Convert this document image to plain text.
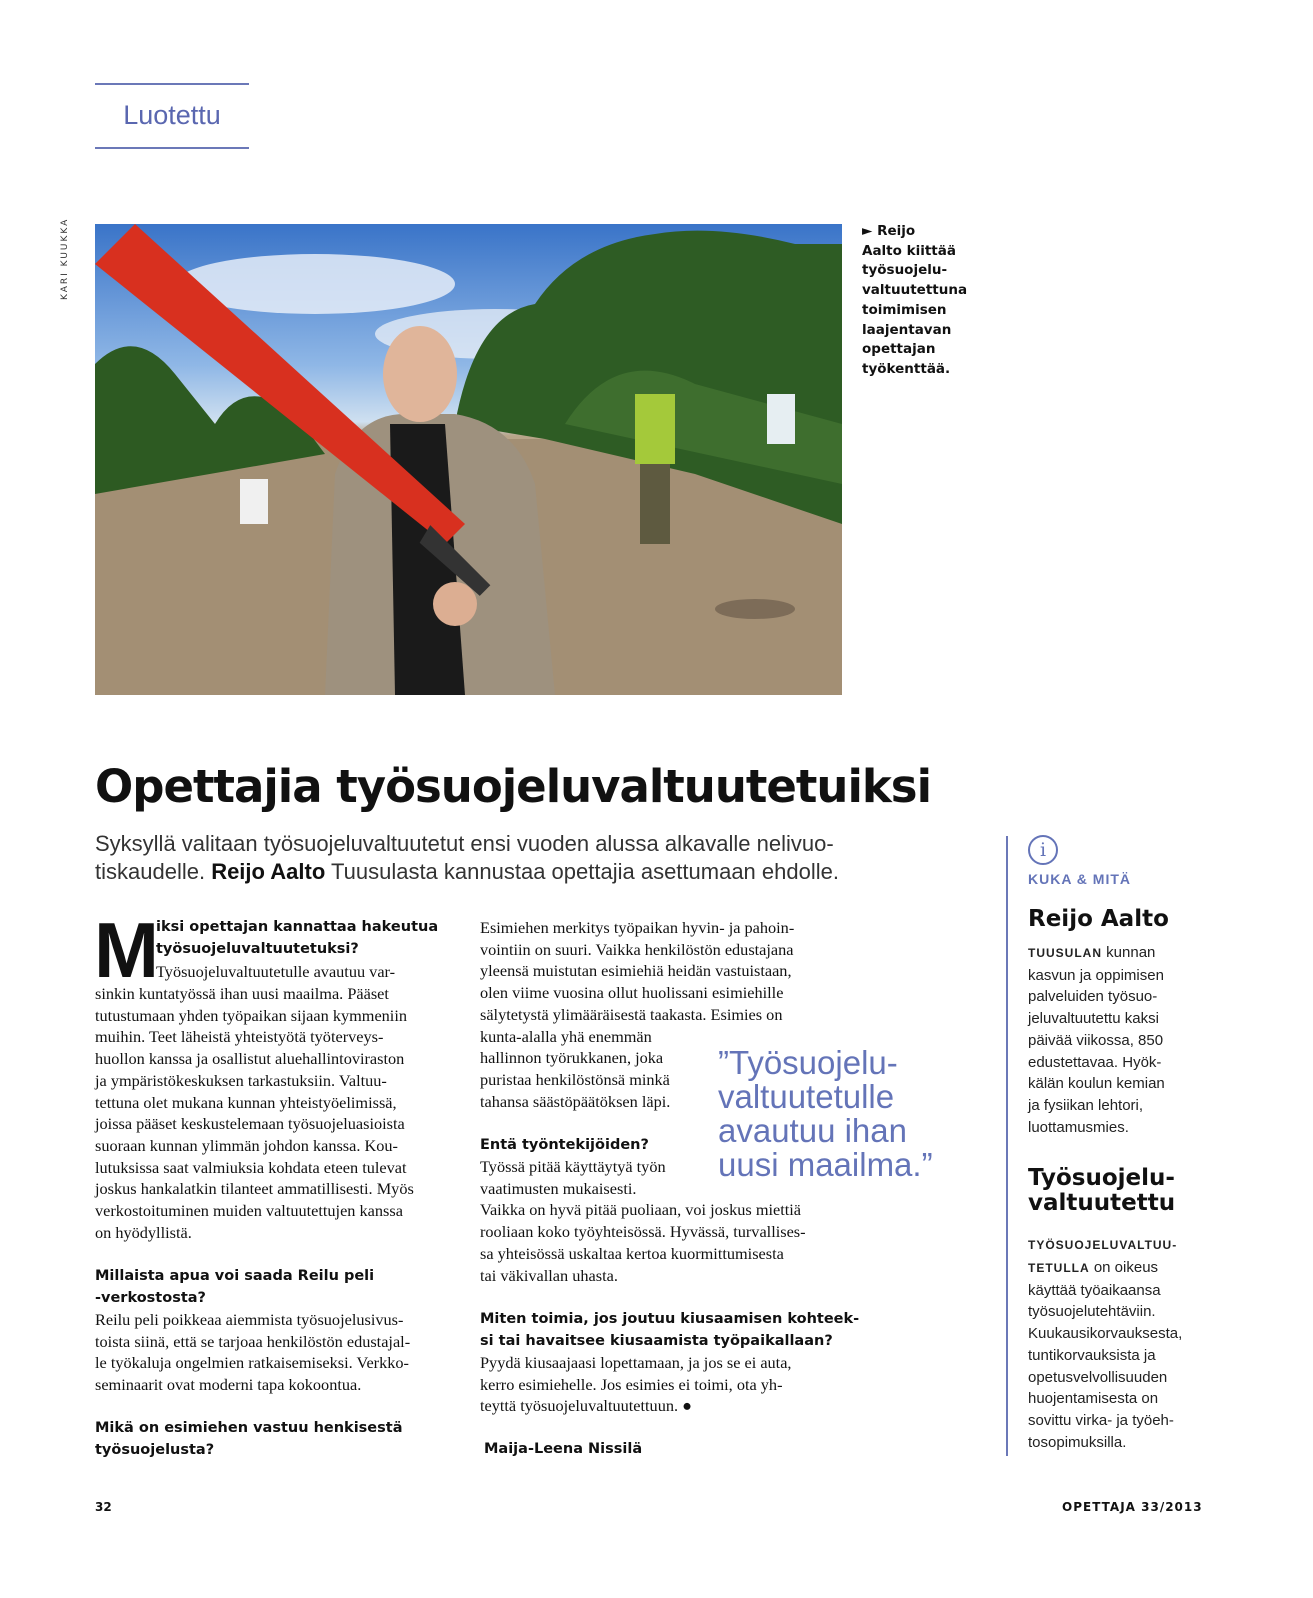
Luotettu
KARI KUUKKA	► Reijo
Aalto kiittää
työsuojelu-
valtuutettuna
toimimisen
laajentavan
opettajan
työkenttää.
Opettajia työsuojeluvaltuutetuiksi
Syksyllä valitaan työsuojeluvaltuutetut ensi vuoden alussa alkavalle nelivuo-
tiskaudelle. Reijo Aalto Tuusulasta kannustaa opettajia asettumaan ehdolle.
M
iksi opettajan kannattaa hakeutua
työsuojeluvaltuutetuksi?
Työsuojeluvaltuutetulle avautuu var-
sinkin kuntatyössä ihan uusi maailma. Pääset
tutustumaan yhden työpaikan sijaan kymmeniin
muihin. Teet läheistä yhteistyötä työterveys-
huollon kanssa ja osallistut aluehallintoviraston
ja ympäristökeskuksen tarkastuksiin. Valtuu-
tettuna olet mukana kunnan yhteistyöelimissä,
joissa pääset keskustelemaan työsuojeluasioista
suoraan kunnan ylimmän johdon kanssa. Kou-
lutuksissa saat valmiuksia kohdata eteen tulevat
joskus hankalatkin tilanteet ammatillisesti. Myös
verkostoituminen muiden valtuutettujen kanssa
on hyödyllistä.
Millaista apua voi saada Reilu peli
-verkostosta?
Reilu peli poikkeaa aiemmista työsuojelusivus-
toista siinä, että se tarjoaa henkilöstön edustajal-
le työkaluja ongelmien ratkaisemiseksi. Verkko-
seminaarit ovat moderni tapa kokoontua.
Mikä on esimiehen vastuu henkisestä
työsuojelusta?
Esimiehen merkitys työpaikan hyvin- ja pahoin-
vointiin on suuri. Vaikka henkilöstön edustajana
yleensä muistutan esimiehiä heidän vastuistaan,
olen viime vuosina ollut huolissani esimiehille
sälytetystä ylimääräisestä taakasta. Esimies on
kunta-alalla yhä enemmän
hallinnon työrukkanen, joka
puristaa henkilöstönsä minkä
tahansa säästöpäätöksen läpi.
Entä työntekijöiden?
Työssä pitää käyttäytyä työn
vaatimusten mukaisesti.
Vaikka on hyvä pitää puoliaan, voi joskus miettiä
rooliaan koko työyhteisössä. Hyvässä, turvallises-
sa yhteisössä uskaltaa kertoa kuormittumisesta
tai väkivallan uhasta.
Miten toimia, jos joutuu kiusaamisen kohteek-
si tai havaitsee kiusaamista työpaikallaan?
Pyydä kiusaajaasi lopettamaan, ja jos se ei auta,
kerro esimiehelle. Jos esimies ei toimi, ota yh-
teyttä työsuojeluvaltuutettuun. ●
Maija-Leena Nissilä
”Työsuojelu-
valtuutetulle
avautuu ihan
uusi maailma.”
i
KUKA & MITÄ
Reijo Aalto
TUUSULAN kunnan
kasvun ja oppimisen
palveluiden työsuo-
jeluvaltuutettu kaksi
päivää viikossa, 850
edustettavaa. Hyök-
kälän koulun kemian
ja fysiikan lehtori,
luottamusmies.
Työsuojelu-
valtuutettu
TYÖSUOJELUVALTUU-
TETULLA on oikeus
käyttää työaikaansa
työsuojelutehtäviin.
Kuukausikorvauksesta,
tuntikorvauksista ja
opetusvelvollisuuden
huojentamisesta on
sovittu virka- ja työeh-
tosopimuksilla.
32	OPETTAJA 33/2013
